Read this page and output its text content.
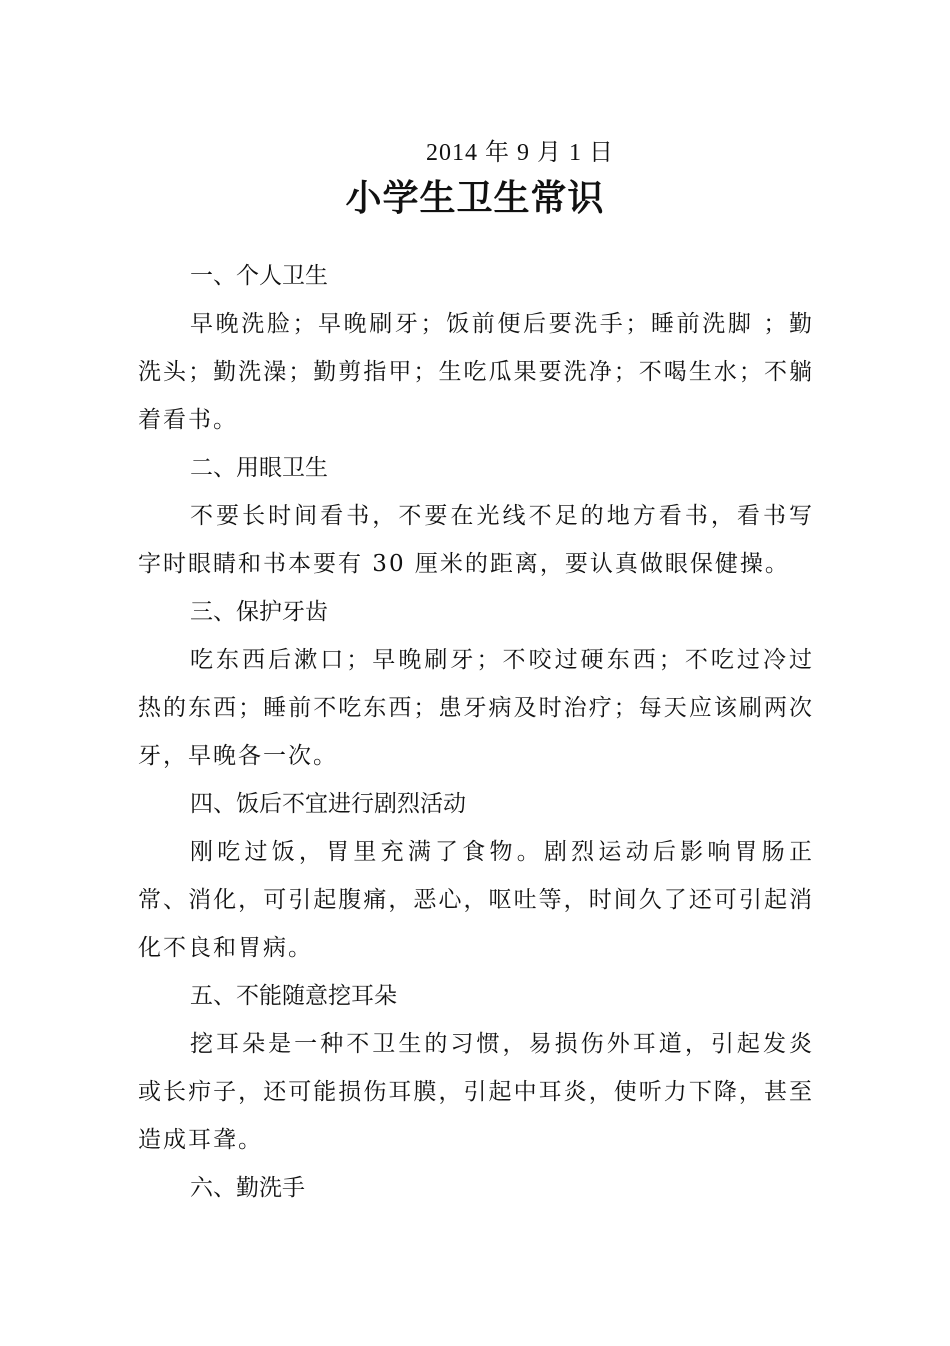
2014 年 9 月 1 日
小学生卫生常识
一、个人卫生
早晚洗脸；早晚刷牙；饭前便后要洗手；睡前洗脚 ；勤洗头；勤洗澡；勤剪指甲；生吃瓜果要洗净；不喝生水；不躺着看书。
二、用眼卫生
不要长时间看书，不要在光线不足的地方看书，看书写字时眼睛和书本要有 30 厘米的距离，要认真做眼保健操。
三、保护牙齿
吃东西后漱口；早晚刷牙；不咬过硬东西；不吃过冷过热的东西；睡前不吃东西；患牙病及时治疗；每天应该刷两次牙，早晚各一次。
四、饭后不宜进行剧烈活动
刚吃过饭，胃里充满了食物。剧烈运动后影响胃肠正常、消化，可引起腹痛，恶心，呕吐等，时间久了还可引起消化不良和胃病。
五、不能随意挖耳朵
挖耳朵是一种不卫生的习惯，易损伤外耳道，引起发炎或长疖子，还可能损伤耳膜，引起中耳炎，使听力下降，甚至造成耳聋。
六、勤洗手
